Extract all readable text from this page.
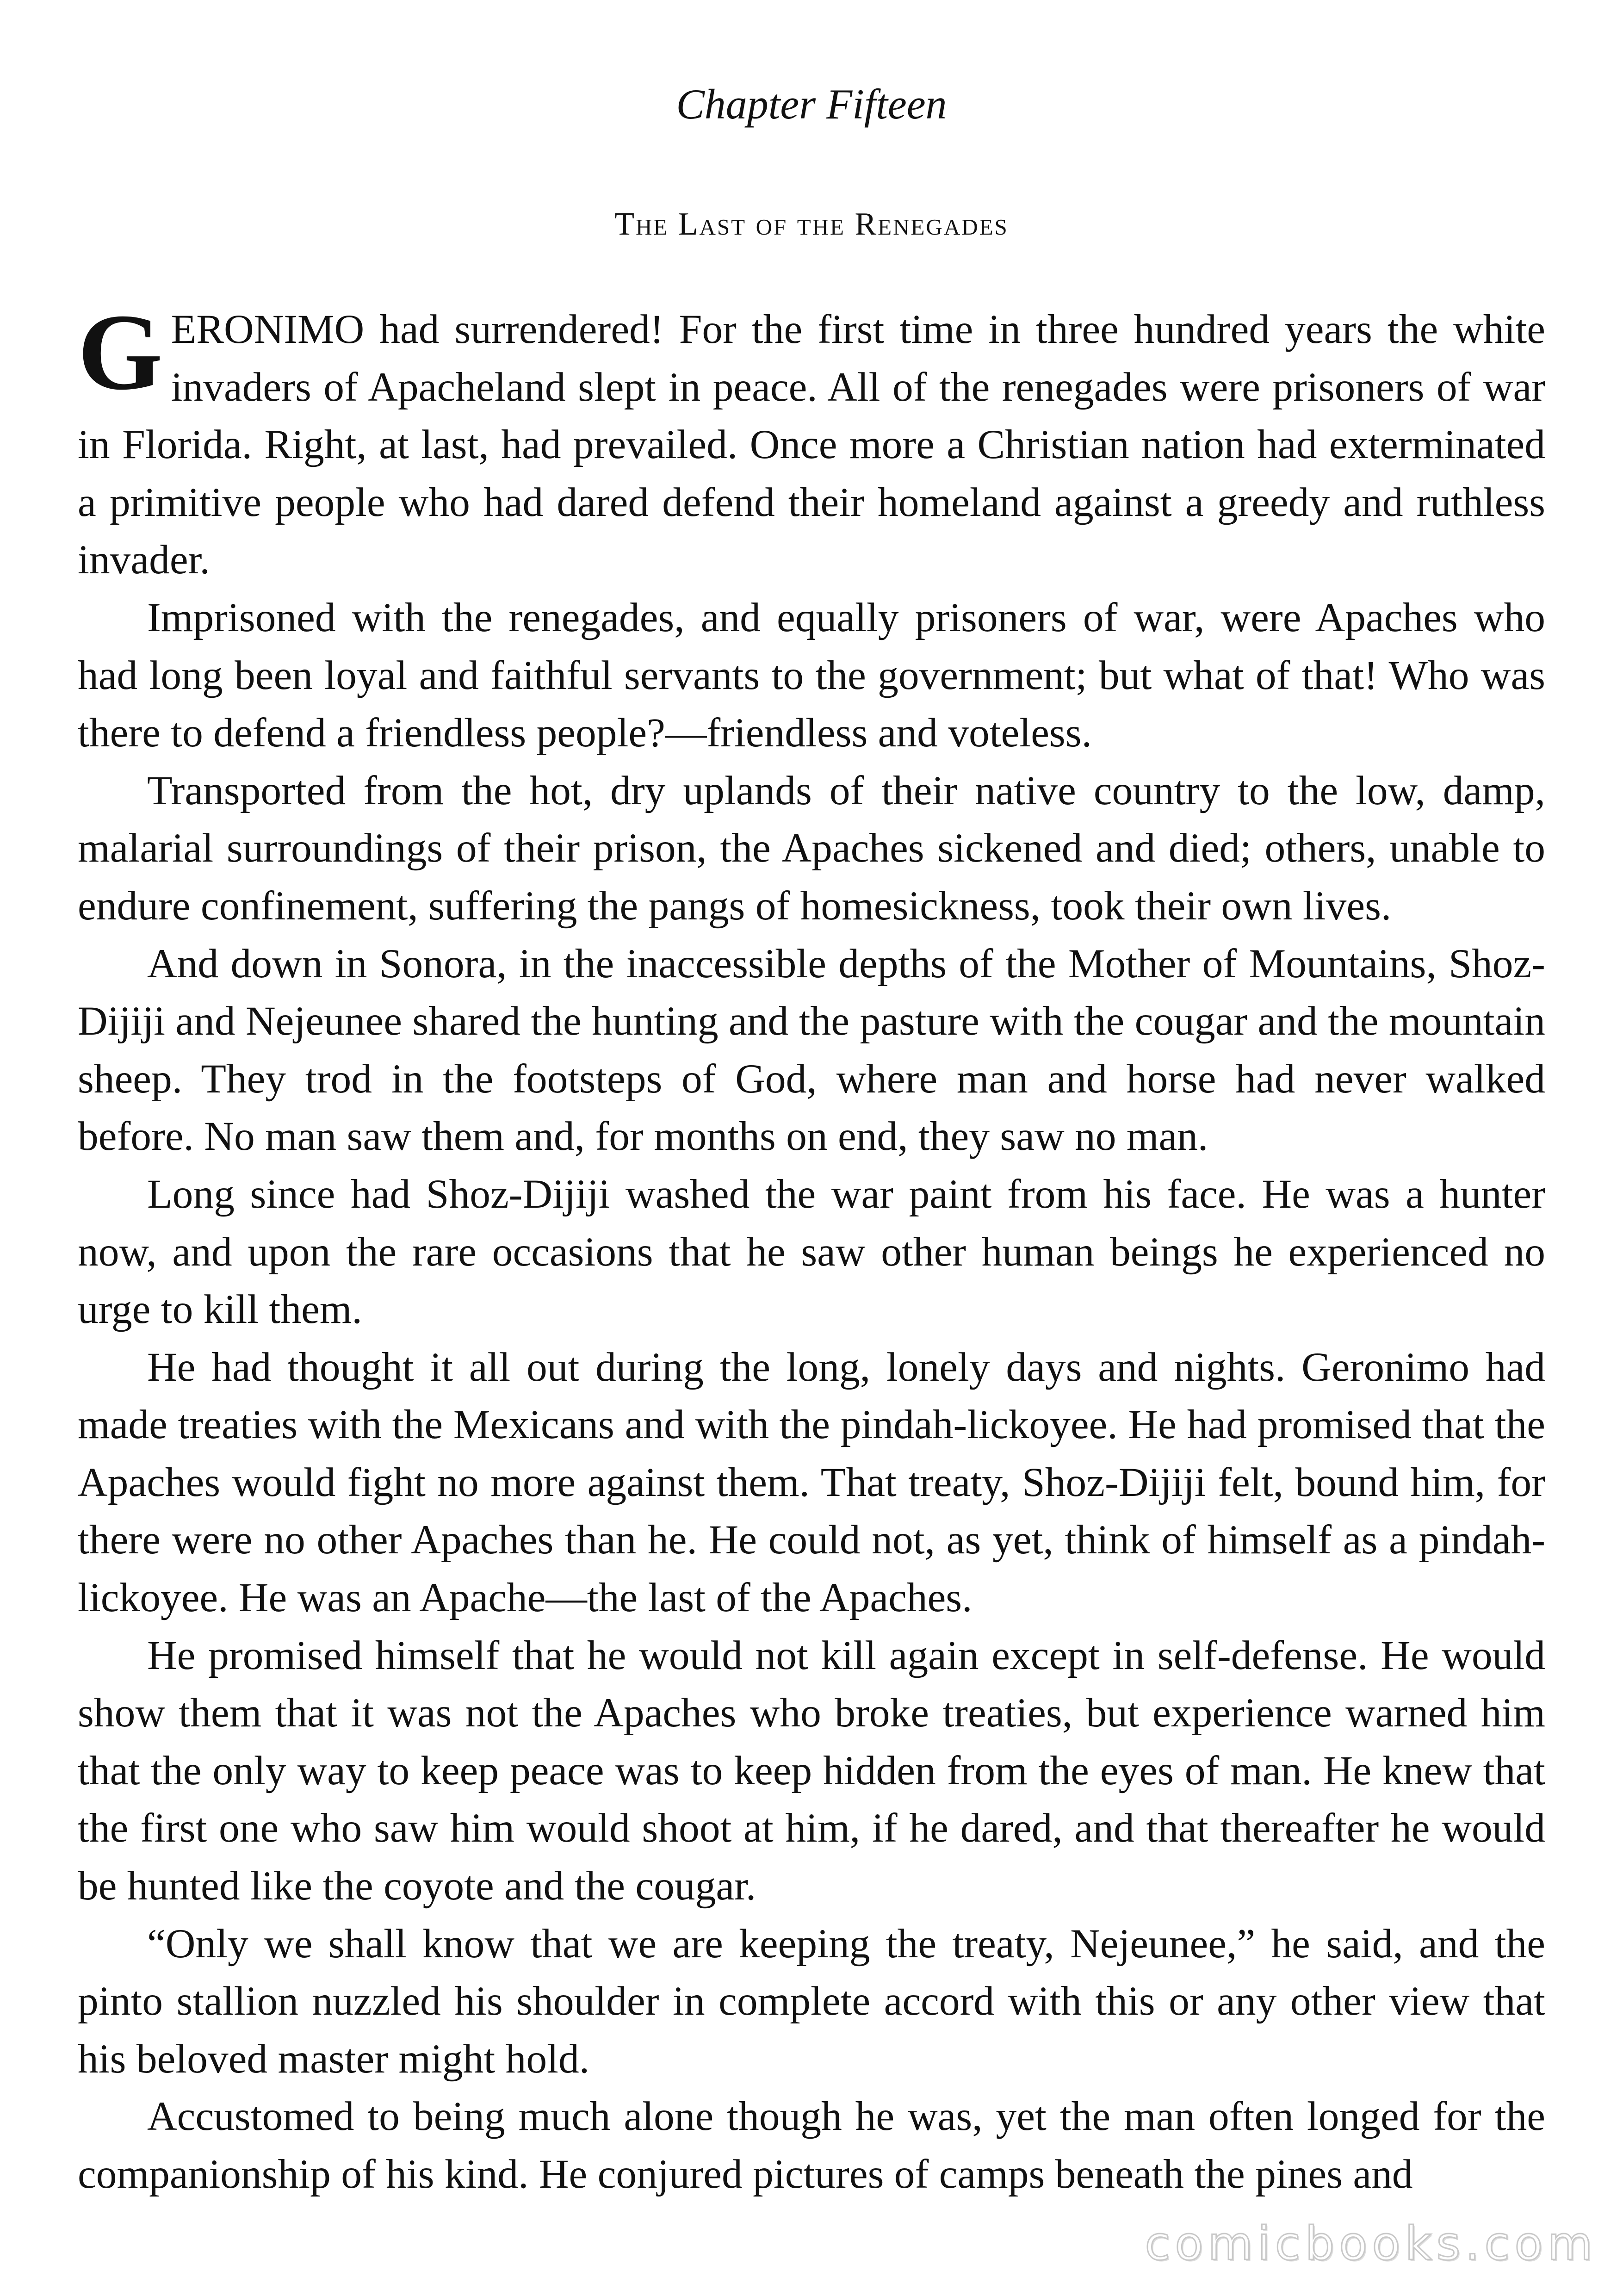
Chapter Fifteen
The Last of the Renegades

GERONIMO had surrendered! For the first time in three hundred years the white invaders of Apacheland slept in peace. All of the renegades were prisoners of war in Florida. Right, at last, had prevailed. Once more a Christian nation had exterminated a primitive people who had dared defend their homeland against a greedy and ruthless invader.

Imprisoned with the renegades, and equally prisoners of war, were Apaches who had long been loyal and faithful servants to the government; but what of that! Who was there to defend a friendless people?—friendless and voteless.

Transported from the hot, dry uplands of their native country to the low, damp, malarial surroundings of their prison, the Apaches sickened and died; others, unable to endure confinement, suffering the pangs of homesickness, took their own lives.

And down in Sonora, in the inaccessible depths of the Mother of Mountains, Shoz-Dijiji and Nejeunee shared the hunting and the pasture with the cougar and the mountain sheep. They trod in the footsteps of God, where man and horse had never walked before. No man saw them and, for months on end, they saw no man.

Long since had Shoz-Dijiji washed the war paint from his face. He was a hunter now, and upon the rare occasions that he saw other human beings he experienced no urge to kill them.

He had thought it all out during the long, lonely days and nights. Geronimo had made treaties with the Mexicans and with the pindah-lickoyee. He had promised that the Apaches would fight no more against them. That treaty, Shoz-Dijiji felt, bound him, for there were no other Apaches than he. He could not, as yet, think of himself as a pindah-lickoyee. He was an Apache—the last of the Apaches.

He promised himself that he would not kill again except in self-defense. He would show them that it was not the Apaches who broke treaties, but experience warned him that the only way to keep peace was to keep hidden from the eyes of man. He knew that the first one who saw him would shoot at him, if he dared, and that thereafter he would be hunted like the coyote and the cougar.

“Only we shall know that we are keeping the treaty, Nejeunee,” he said, and the pinto stallion nuzzled his shoulder in complete accord with this or any other view that his beloved master might hold.

Accustomed to being much alone though he was, yet the man often longed for the companionship of his kind. He conjured pictures of camps beneath the pines and

comicbooks.com
